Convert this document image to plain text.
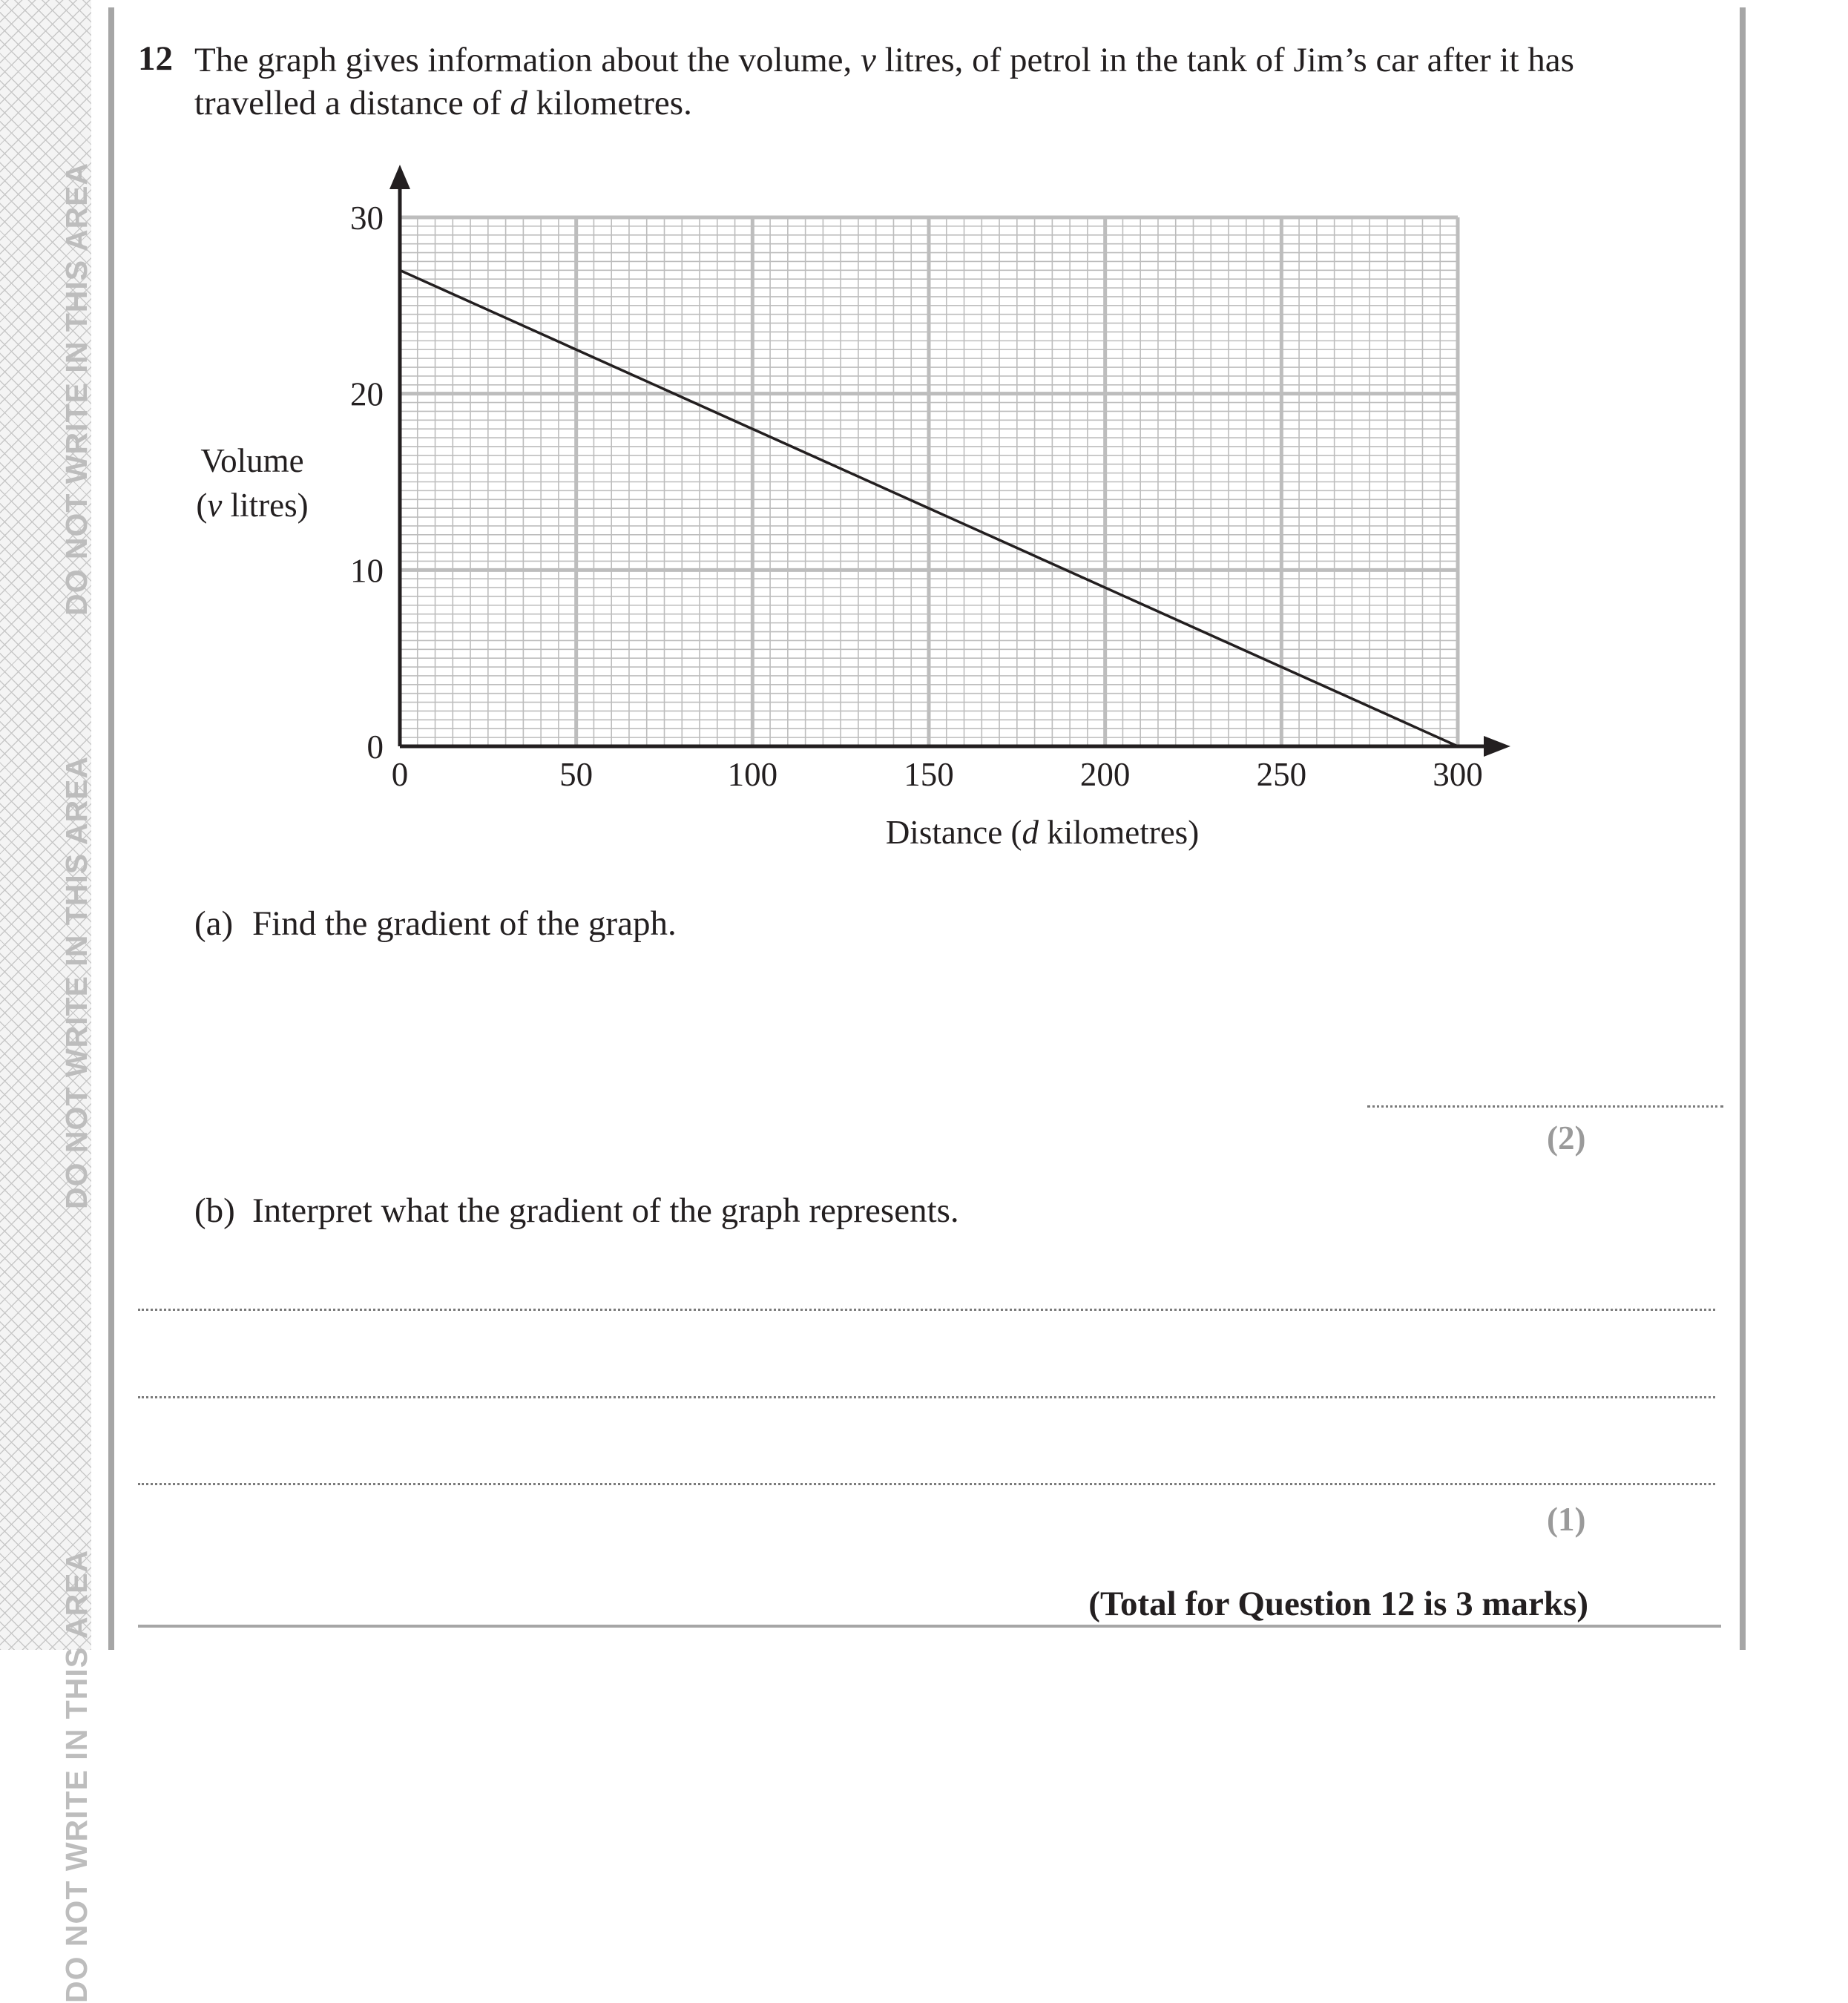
DO NOT WRITE IN THIS AREA
DO NOT WRITE IN THIS AREA
DO NOT WRITE IN THIS AREA
12 The graph gives information about the volume, v litres, of petrol in the tank of Jim’s car after it has travelled a distance of d kilometres.
0	50	100	150	200	250	300
0
10
20
30
Distance (d kilometres)
Volume
(v litres)
(a) Find the gradient of the graph.
(2)
(b) Interpret what the gradient of the graph represents.
(1)
(Total for Question 12 is 3 marks)
